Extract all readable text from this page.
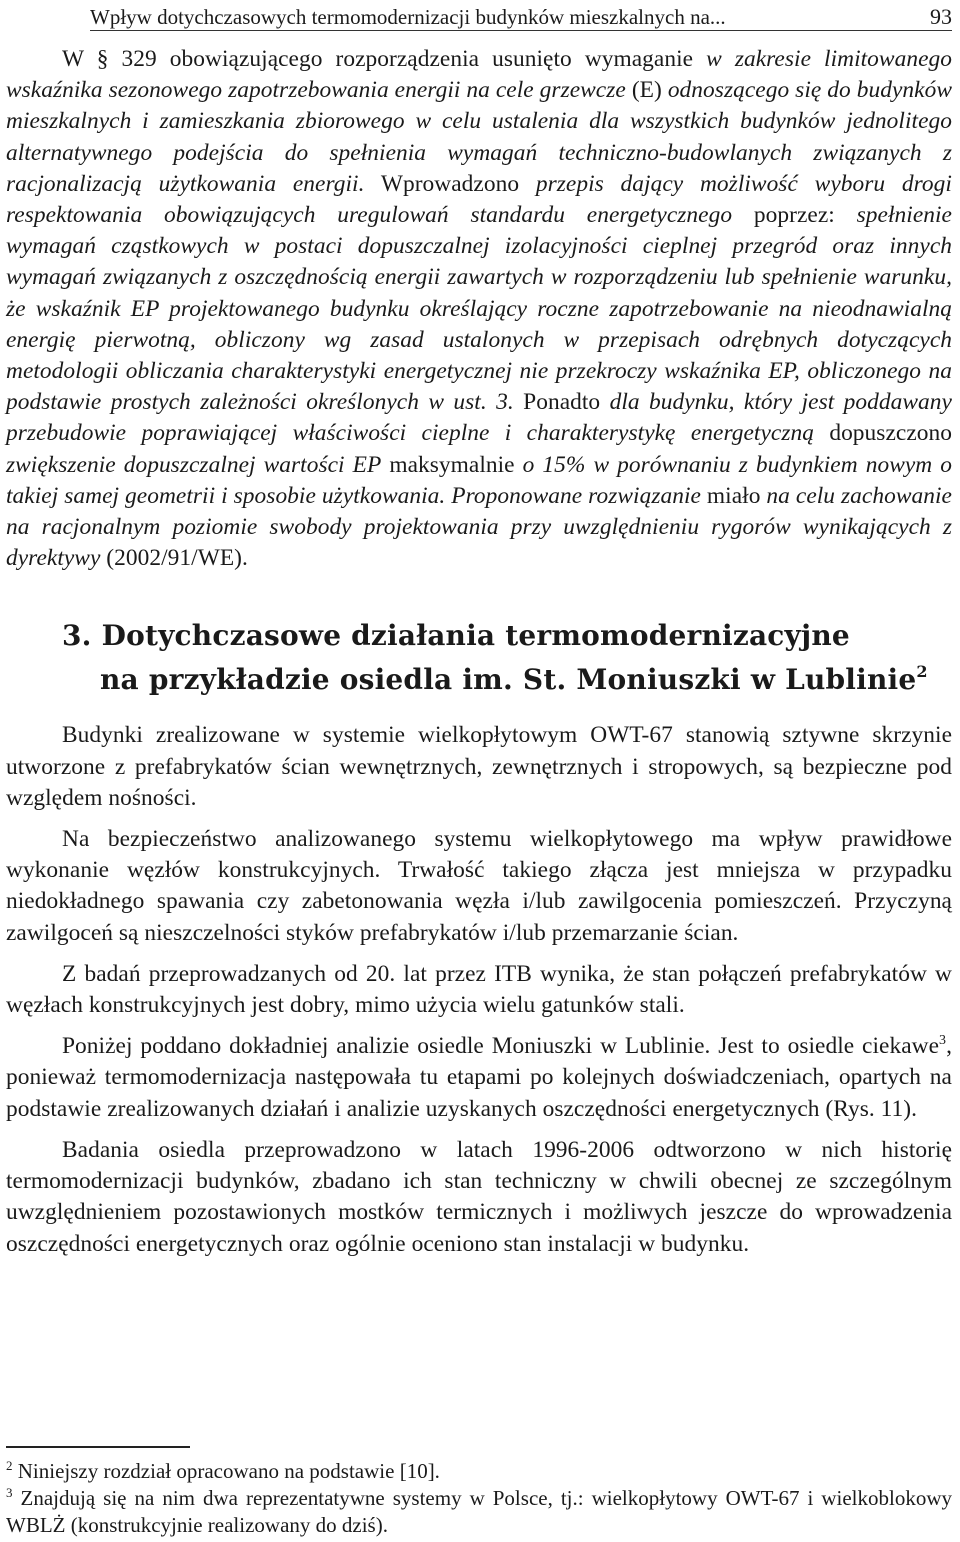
Wpływ dotychczasowych termomodernizacji budynków mieszkalnych na...	93

W § 329 obowiązującego rozporządzenia usunięto wymaganie w zakresie limitowanego wskaźnika sezonowego zapotrzebowania energii na cele grzewcze (E) odnoszącego się do budynków mieszkalnych i zamieszkania zbiorowego w celu ustalenia dla wszystkich budynków jednolitego alternatywnego podejścia do spełnienia wymagań techniczno-budowlanych związanych z racjonalizacją użytkowania energii. Wprowadzono przepis dający możliwość wyboru drogi respektowania obowiązujących uregulowań standardu energetycznego poprzez: spełnienie wymagań cząstkowych w postaci dopuszczalnej izolacyjności cieplnej przegród oraz innych wymagań związanych z oszczędnością energii zawartych w rozporządzeniu lub spełnienie warunku, że wskaźnik EP projektowanego budynku określający roczne zapotrzebowanie na nieodnawialną energię pierwotną, obliczony wg zasad ustalonych w przepisach odrębnych dotyczących metodologii obliczania charakterystyki energetycznej nie przekroczy wskaźnika EP, obliczonego na podstawie prostych zależności określonych w ust. 3. Ponadto dla budynku, który jest poddawany przebudowie poprawiającej właściwości cieplne i charakterystykę energetyczną dopuszczono zwiększenie dopuszczalnej wartości EP maksymalnie o 15% w porównaniu z budynkiem nowym o takiej samej geometrii i sposobie użytkowania. Proponowane rozwiązanie miało na celu zachowanie na racjonalnym poziomie swobody projektowania przy uwzględnieniu rygorów wynikających z dyrektywy (2002/91/WE).

3. Dotychczasowe działania termomodernizacyjne
na przykładzie osiedla im. St. Moniuszki w Lublinie$^2$

Budynki zrealizowane w systemie wielkopłytowym OWT-67 stanowią sztywne skrzynie utworzone z prefabrykatów ścian wewnętrznych, zewnętrznych i stropowych, są bezpieczne pod względem nośności.

Na bezpieczeństwo analizowanego systemu wielkopłytowego ma wpływ prawidłowe wykonanie węzłów konstrukcyjnych. Trwałość takiego złącza jest mniejsza w przypadku niedokładnego spawania czy zabetonowania węzła i/lub zawilgocenia pomieszczeń. Przyczyną zawilgoceń są nieszczelności styków prefabrykatów i/lub przemarzanie ścian.

Z badań przeprowadzanych od 20. lat przez ITB wynika, że stan połączeń prefabrykatów w węzłach konstrukcyjnych jest dobry, mimo użycia wielu gatunków stali.

Poniżej poddano dokładniej analizie osiedle Moniuszki w Lublinie. Jest to osiedle ciekawe$^3$, ponieważ termomodernizacja następowała tu etapami po kolejnych doświadczeniach, opartych na podstawie zrealizowanych działań i analizie uzyskanych oszczędności energetycznych (Rys. 11).

Badania osiedla przeprowadzono w latach 1996-2006 odtworzono w nich historię termomodernizacji budynków, zbadano ich stan techniczny w chwili obecnej ze szczególnym uwzględnieniem pozostawionych mostków termicznych i możliwych jeszcze do wprowadzenia oszczędności energetycznych oraz ogólnie oceniono stan instalacji w budynku.

$^2$ Niniejszy rozdział opracowano na podstawie [10].
$^3$ Znajdują się na nim dwa reprezentatywne systemy w Polsce, tj.: wielkopłytowy OWT-67 i wielkoblokowy WBLŻ (konstrukcyjnie realizowany do dziś).
